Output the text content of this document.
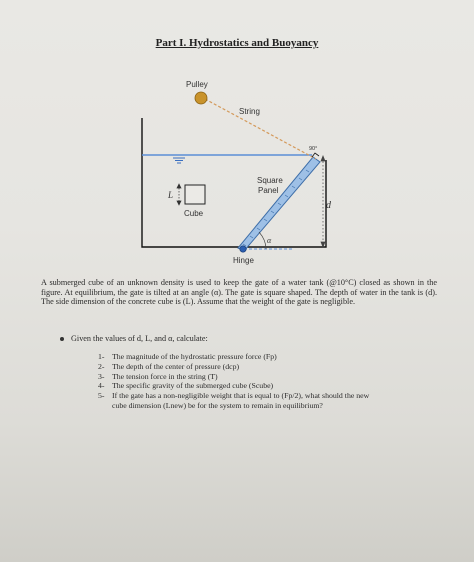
Part I. Hydrostatics and Buoyancy
Pulley
String
90°
Square
Panel
d
L
Cube
α
Hinge
A submerged cube of an unknown density is used to keep the gate of a water tank (@10°C) closed as shown in the figure. At equilibrium, the gate is tilted at an angle (α). The gate is square shaped. The depth of water in the tank is (d). The side dimension of the concrete cube is (L). Assume that the weight of the gate is negligible.
Given the values of d, L, and α, calculate:
1- The magnitude of the hydrostatic pressure force (Fp)
2- The depth of the center of pressure (dcp)
3- The tension force in the string (T)
4- The specific gravity of the submerged cube (Scube)
5- If the gate has a non-negligible weight that is equal to (Fp/2), what should the new
cube dimension (Lnew) be for the system to remain in equilibrium?
